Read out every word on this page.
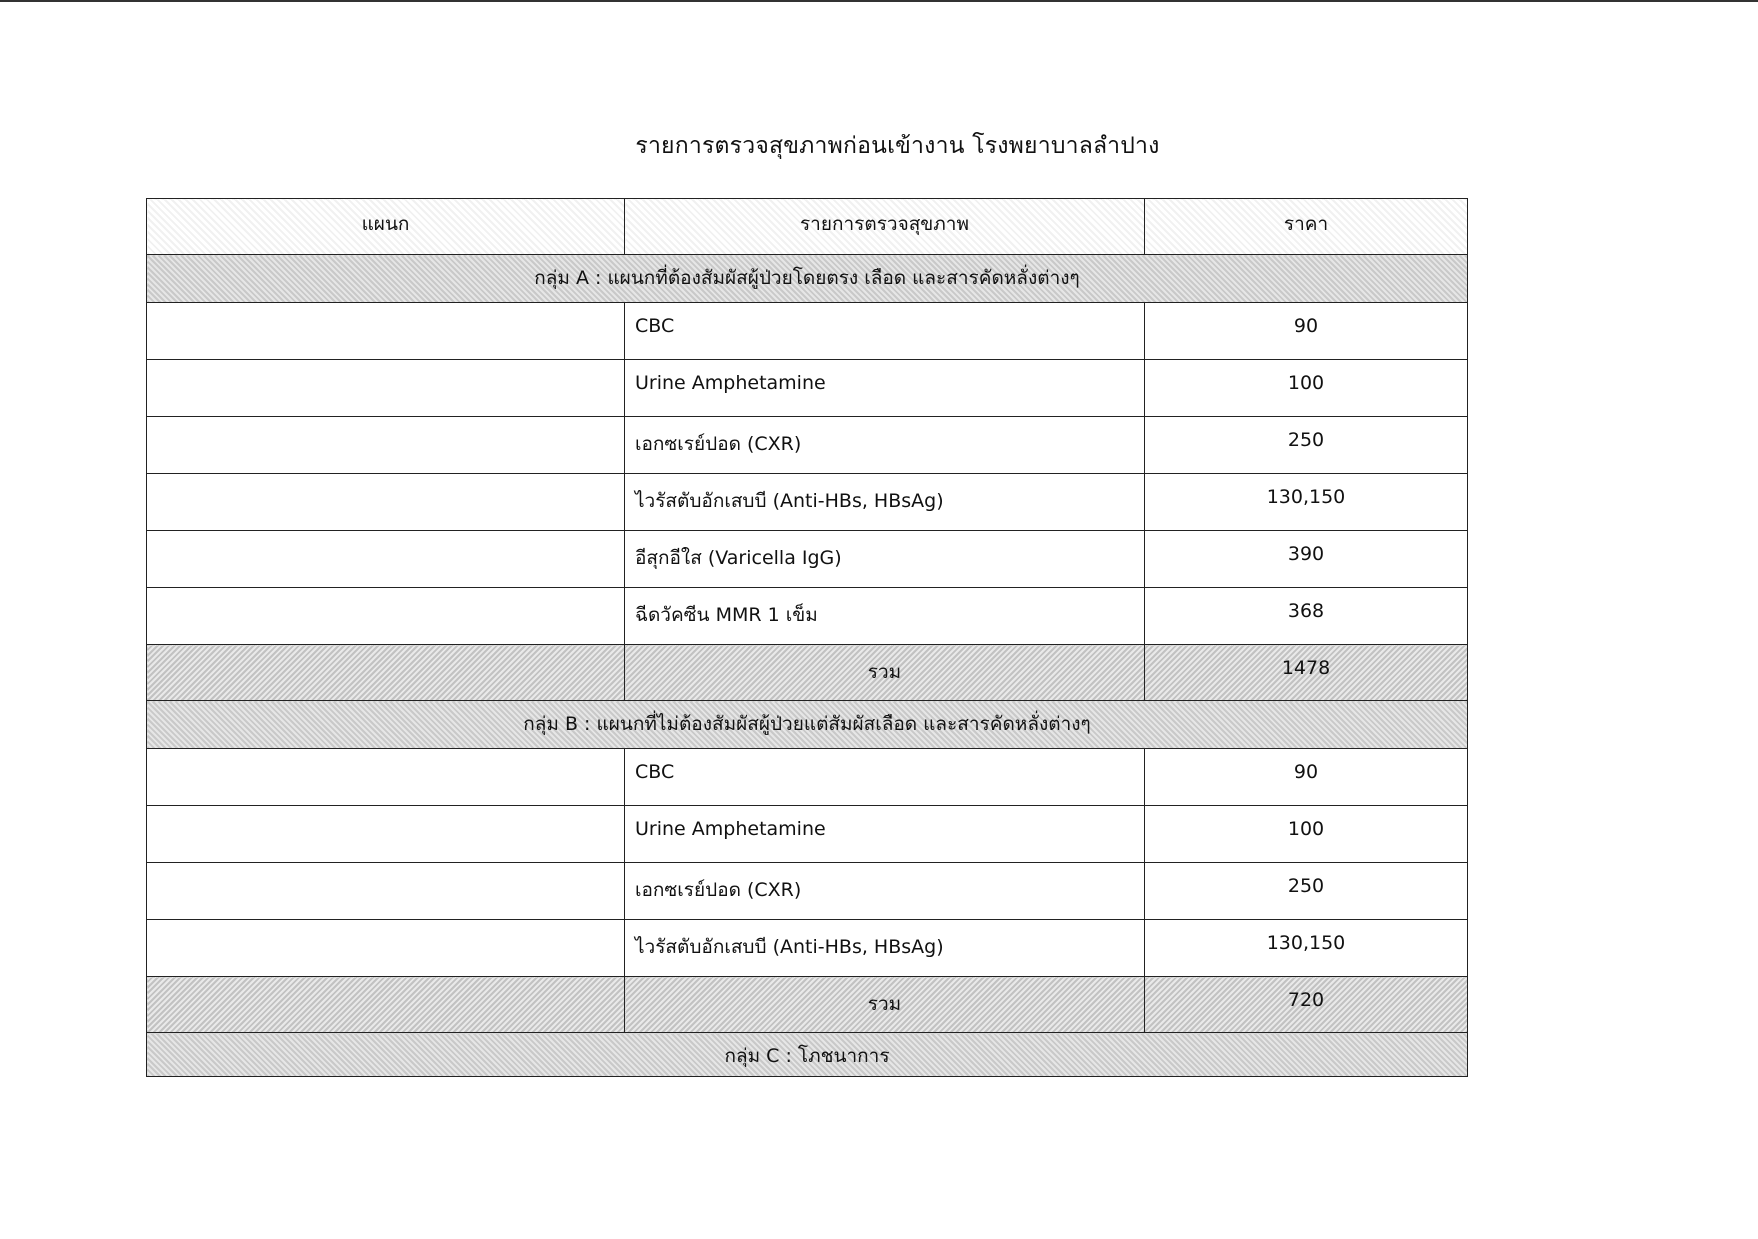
รายการตรวจสุขภาพก่อนเข้างาน โรงพยาบาลลำปาง
แผนก	รายการตรวจสุขภาพ	ราคา
กลุ่ม A : แผนกที่ต้องสัมผัสผู้ป่วยโดยตรง เลือด และสารคัดหลั่งต่างๆ		
	CBC	90
	Urine Amphetamine	100
	เอกซเรย์ปอด (CXR)	250
	ไวรัสตับอักเสบบี (Anti-HBs, HBsAg)	130,150
	อีสุกอีใส (Varicella IgG)	390
	ฉีดวัคซีน MMR 1 เข็ม	368
	รวม	1478
กลุ่ม B : แผนกที่ไม่ต้องสัมผัสผู้ป่วยแต่สัมผัสเลือด และสารคัดหลั่งต่างๆ		
	CBC	90
	Urine Amphetamine	100
	เอกซเรย์ปอด (CXR)	250
	ไวรัสตับอักเสบบี (Anti-HBs, HBsAg)	130,150
	รวม	720
กลุ่ม C : โภชนาการ		
